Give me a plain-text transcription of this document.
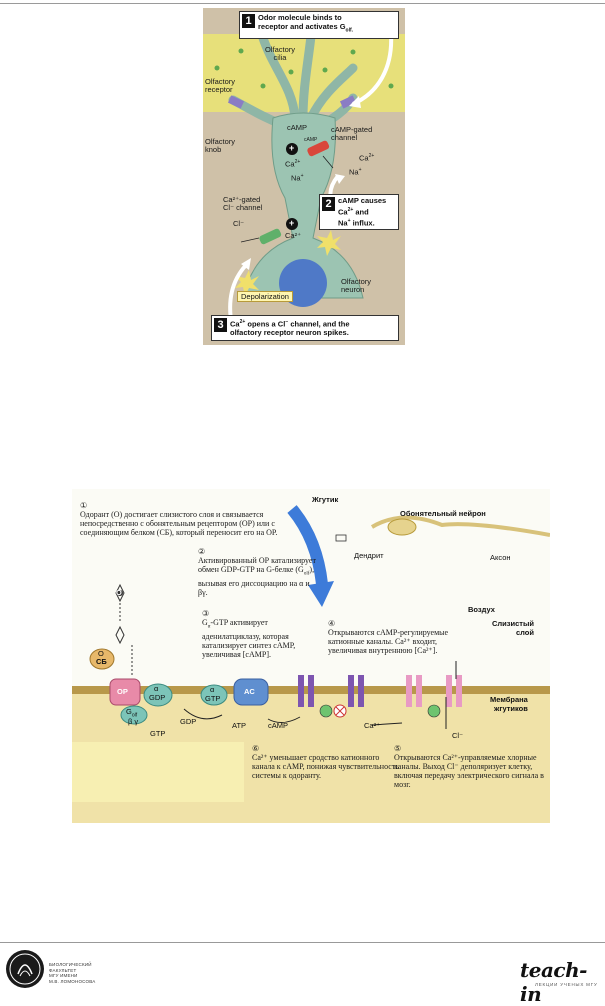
1 Odor molecule binds to
receptor and activates $G_{olf.}$
Olfactory
cilia
Olfactory
receptor
cAMP
cAMP
cAMP-gated
channel
Olfactory
knob
$Ca^{2+}$
Na+
$Ca^{2+}$
Na+
Ca²⁺-gated
Cl⁻ channel
Cl⁻
Ca²⁺
Olfactory
neuron
Depolarization
+
+
2 cAMP causes
$Ca^{2+}$ and
Na+ influx.
3 $Ca^{2+}$ opens a Cl− channel, and the
olfactory receptor neuron spikes.
①
Одорант (О) достигает слизистого слоя и связывается непосредственно с обонятельным рецептором (ОР) или с соединяющим белком (СБ), который переносит его на ОР.
②
Активированный ОР катализирует обмен GDP-GTP на G-белке $(G_{olf})$, вызывая его диссоциацию на α и βγ.
③
$G_\alpha$-GTP активирует аденилатциклазу, которая катализирует синтез cAMP, увеличивая [cAMP].
④
Открываются cAMP-регулируемые катионные каналы. Ca²⁺ входит, увеличивая внутреннюю [Ca²⁺].
⑥
Ca²⁺ уменьшает сродство катионного канала к cAMP, понижая чувствительность системы к одоранту.
⑤
Открываются Ca²⁺-управляемые хлорные каналы. Выход Cl⁻ деполяризует клетку, включая передачу электрического сигнала в мозг.
Жгутик
Обонятельный нейрон
Дендрит	Аксон
Воздух
Слизистый
слой
Мембрана
жгутиков
О
О
СБ
ОР	α
GDP
$G_{olf}$
β γ
GTP
GDP
α
GTP
AC
ATP	cAMP	Ca²⁺
Cl⁻
БИОЛОГИЧЕСКИЙ
ФАКУЛЬТЕТ
МГУ ИМЕНИ
М.В. ЛОМОНОСОВА	teach-in
ЛЕКЦИИ УЧЕНЫХ МГУ
